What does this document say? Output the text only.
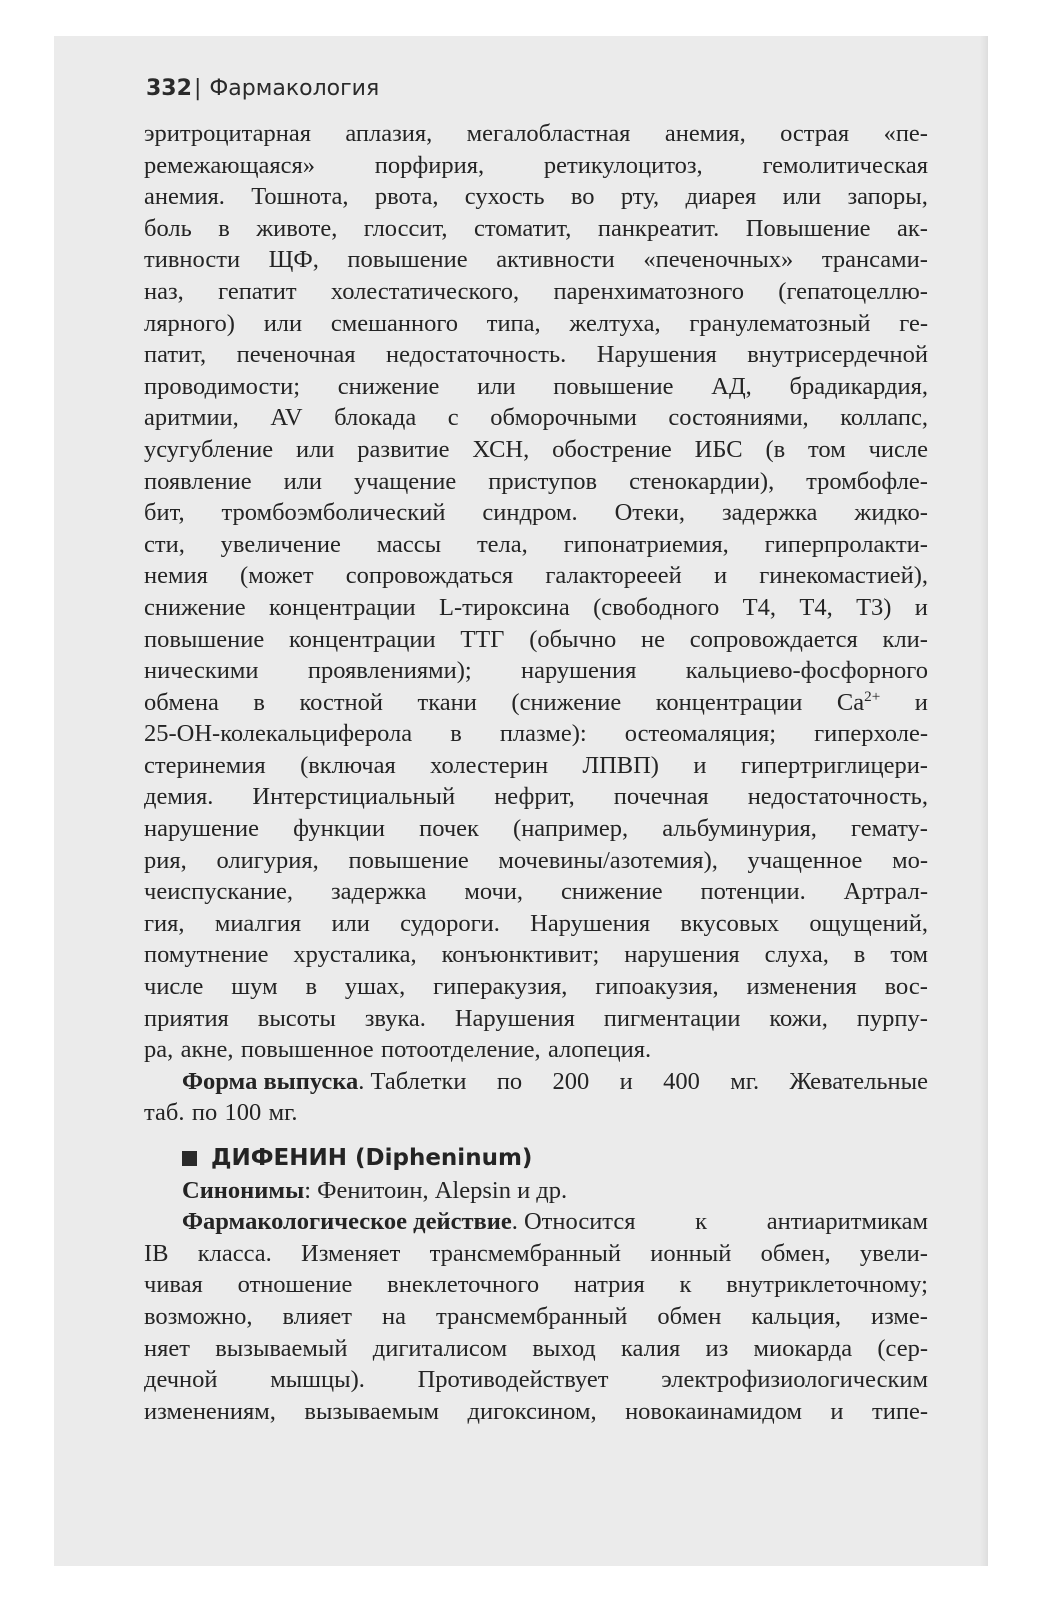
332| Фармакология
эритроцитарная аплазия, мегалобластная анемия, острая «пе-
ремежающаяся» порфирия, ретикулоцитоз, гемолитическая
анемия. Тошнота, рвота, сухость во рту, диарея или запоры,
боль в животе, глоссит, стоматит, панкреатит. Повышение ак-
тивности ЩФ, повышение активности «печеночных» трансами-
наз, гепатит холестатического, паренхиматозного (гепатоцеллю-
лярного) или смешанного типа, желтуха, гранулематозный ге-
патит, печеночная недостаточность. Нарушения внутрисердечной
проводимости; снижение или повышение АД, брадикардия,
аритмии, AV блокада с обморочными состояниями, коллапс,
усугубление или развитие ХСН, обострение ИБС (в том числе
появление или учащение приступов стенокардии), тромбофле-
бит, тромбоэмболический синдром. Отеки, задержка жидко-
сти, увеличение массы тела, гипонатриемия, гиперпролакти-
немия (может сопровождаться галакторееей и гинекомастией),
снижение концентрации L-тироксина (свободного Т4, Т4, Т3) и
повышение концентрации ТТГ (обычно не сопровождается кли-
ническими проявлениями); нарушения кальциево-фосфорного
обмена в костной ткани (снижение концентрации $Са^{2+}$ и
25-ОН-колекальциферола в плазме): остеомаляция; гиперхоле-
стеринемия (включая холестерин ЛПВП) и гипертриглицери-
демия. Интерстициальный нефрит, почечная недостаточность,
нарушение функции почек (например, альбуминурия, гемату-
рия, олигурия, повышение мочевины/азотемия), учащенное мо-
чеиспускание, задержка мочи, снижение потенции. Артрал-
гия, миалгия или судороги. Нарушения вкусовых ощущений,
помутнение хрусталика, конъюнктивит; нарушения слуха, в том
числе шум в ушах, гиперакузия, гипоакузия, изменения вос-
приятия высоты звука. Нарушения пигментации кожи, пурпу-
ра, акне, повышенное потоотделение, алопеция.
Форма выпуска . Таблетки по 200 и 400 мг. Жевательные
таб. по 100 мг.
ДИФЕНИН (Dipheninum)
Синонимы : Фенитоин, Alepsin и др.
Фармакологическое действие . Относится к антиаритмикам
IB класса. Изменяет трансмембранный ионный обмен, увели-
чивая отношение внеклеточного натрия к внутриклеточному;
возможно, влияет на трансмембранный обмен кальция, изме-
няет вызываемый дигиталисом выход калия из миокарда (сер-
дечной мышцы). Противодействует электрофизиологическим
изменениям, вызываемым дигоксином, новокаинамидом и типе-
